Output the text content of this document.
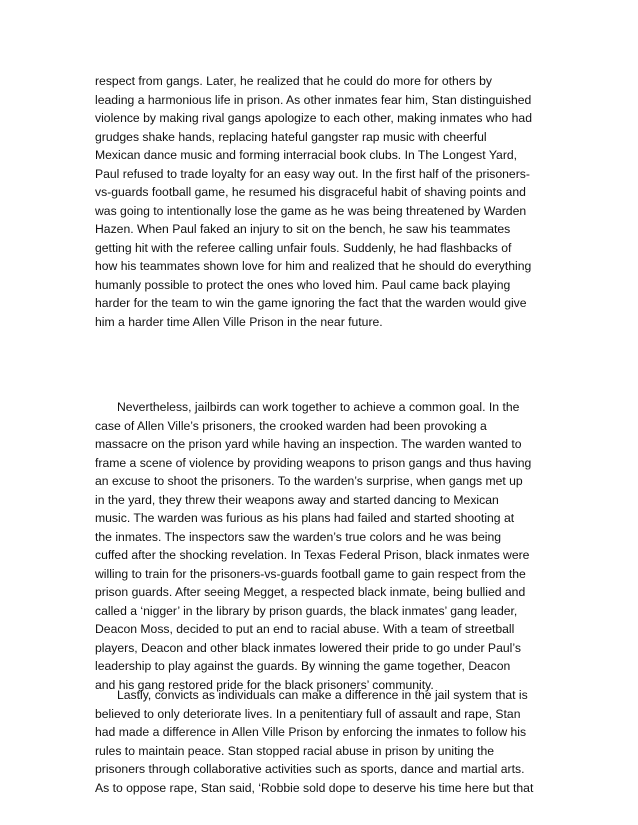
respect from gangs. Later, he realized that he could do more for others by
leading a harmonious life in prison. As other inmates fear him, Stan distinguished
violence by making rival gangs apologize to each other, making inmates who had
grudges shake hands, replacing hateful gangster rap music with cheerful
Mexican dance music and forming interracial book clubs. In The Longest Yard,
Paul refused to trade loyalty for an easy way out. In the first half of the prisoners-
vs-guards football game, he resumed his disgraceful habit of shaving points and
was going to intentionally lose the game as he was being threatened by Warden
Hazen. When Paul faked an injury to sit on the bench, he saw his teammates
getting hit with the referee calling unfair fouls. Suddenly, he had flashbacks of
how his teammates shown love for him and realized that he should do everything
humanly possible to protect the ones who loved him. Paul came back playing
harder for the team to win the game ignoring the fact that the warden would give
him a harder time Allen Ville Prison in the near future.

Nevertheless, jailbirds can work together to achieve a common goal. In the
case of Allen Ville’s prisoners, the crooked warden had been provoking a
massacre on the prison yard while having an inspection. The warden wanted to
frame a scene of violence by providing weapons to prison gangs and thus having
an excuse to shoot the prisoners. To the warden’s surprise, when gangs met up
in the yard, they threw their weapons away and started dancing to Mexican
music. The warden was furious as his plans had failed and started shooting at
the inmates. The inspectors saw the warden’s true colors and he was being
cuffed after the shocking revelation. In Texas Federal Prison, black inmates were
willing to train for the prisoners-vs-guards football game to gain respect from the
prison guards. After seeing Megget, a respected black inmate, being bullied and
called a ‘nigger’ in the library by prison guards, the black inmates’ gang leader,
Deacon Moss, decided to put an end to racial abuse. With a team of streetball
players, Deacon and other black inmates lowered their pride to go under Paul’s
leadership to play against the guards. By winning the game together, Deacon
and his gang restored pride for the black prisoners’ community.

Lastly, convicts as individuals can make a difference in the jail system that is
believed to only deteriorate lives. In a penitentiary full of assault and rape, Stan
had made a difference in Allen Ville Prison by enforcing the inmates to follow his
rules to maintain peace. Stan stopped racial abuse in prison by uniting the
prisoners through collaborative activities such as sports, dance and martial arts.
As to oppose rape, Stan said, ‘Robbie sold dope to deserve his time here but that
